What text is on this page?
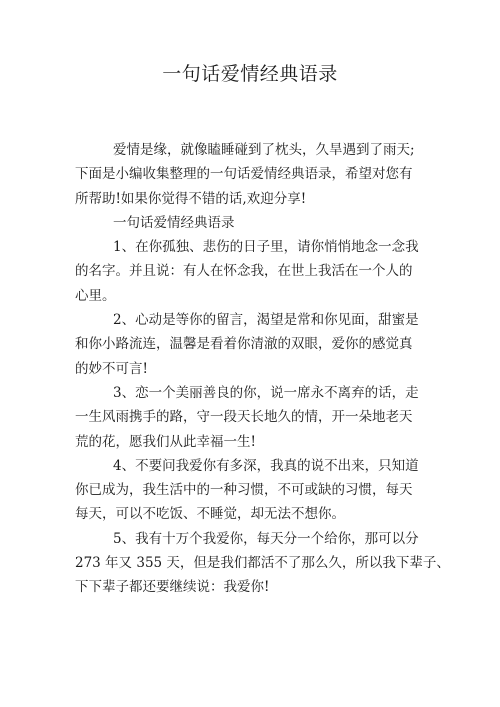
一句话爱情经典语录
爱情是缘，就像瞌睡碰到了枕头，久旱遇到了雨天;
下面是小编收集整理的一句话爱情经典语录，希望对您有
所帮助!如果你觉得不错的话,欢迎分享!
一句话爱情经典语录
1、在你孤独、悲伤的日子里，请你悄悄地念一念我
的名字。并且说：有人在怀念我，在世上我活在一个人的
心里。
2、心动是等你的留言，渴望是常和你见面，甜蜜是
和你小路流连，温馨是看着你清澈的双眼，爱你的感觉真
的妙不可言!
3、恋一个美丽善良的你，说一席永不离弃的话，走
一生风雨携手的路，守一段天长地久的情，开一朵地老天
荒的花，愿我们从此幸福一生!
4、不要问我爱你有多深，我真的说不出来，只知道
你已成为，我生活中的一种习惯，不可或缺的习惯，每天
每天，可以不吃饭、不睡觉，却无法不想你。
5、我有十万个我爱你，每天分一个给你，那可以分
273 年又 355 天，但是我们都活不了那么久，所以我下辈子、
下下辈子都还要继续说：我爱你!
